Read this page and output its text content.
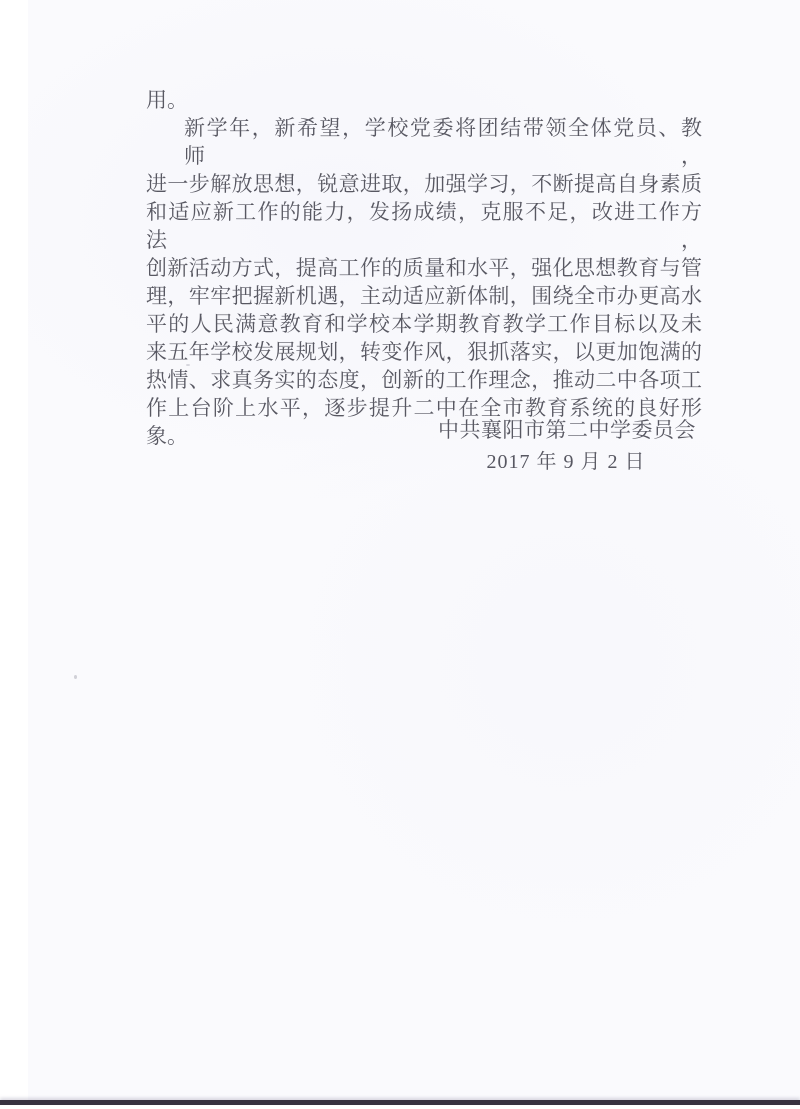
用。
新学年，新希望，学校党委将团结带领全体党员、教师，
进一步解放思想，锐意进取，加强学习，不断提高自身素质
和适应新工作的能力，发扬成绩，克服不足，改进工作方法，
创新活动方式，提高工作的质量和水平，强化思想教育与管
理，牢牢把握新机遇，主动适应新体制，围绕全市办更高水
平的人民满意教育和学校本学期教育教学工作目标以及未
来五年学校发展规划，转变作风，狠抓落实，以更加饱满的
热情、求真务实的态度，创新的工作理念，推动二中各项工
作上台阶上水平，逐步提升二中在全市教育系统的良好形
象。	中共襄阳市第二中学委员会
2017 年 9 月 2 日
